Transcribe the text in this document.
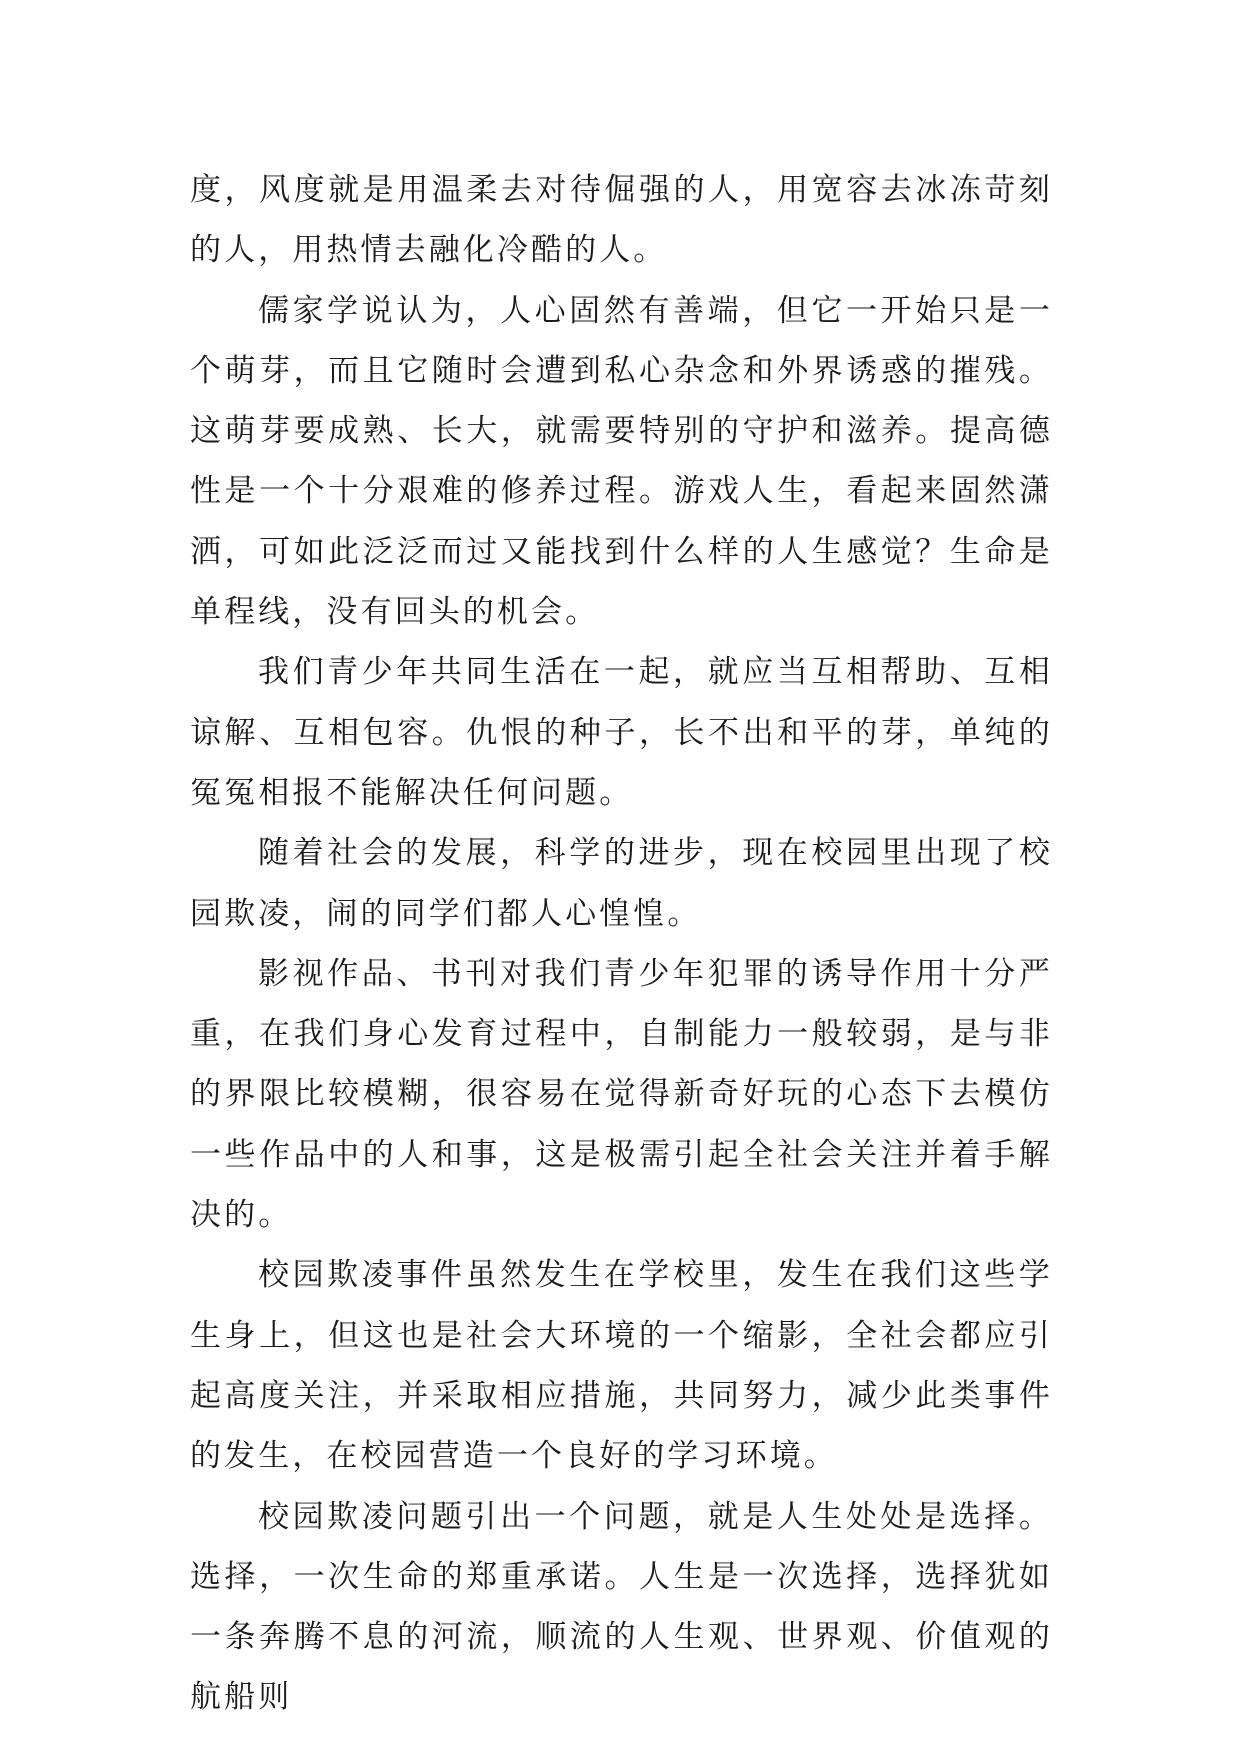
度，风度就是用温柔去对待倔强的人，用宽容去冰冻苛刻的人，用热情去融化冷酷的人。

儒家学说认为，人心固然有善端，但它一开始只是一个萌芽，而且它随时会遭到私心杂念和外界诱惑的摧残。这萌芽要成熟、长大，就需要特别的守护和滋养。提高德性是一个十分艰难的修养过程。游戏人生，看起来固然潇洒，可如此泛泛而过又能找到什么样的人生感觉？生命是单程线，没有回头的机会。

我们青少年共同生活在一起，就应当互相帮助、互相谅解、互相包容。仇恨的种子，长不出和平的芽，单纯的冤冤相报不能解决任何问题。

随着社会的发展，科学的进步，现在校园里出现了校园欺凌，闹的同学们都人心惶惶。

影视作品、书刊对我们青少年犯罪的诱导作用十分严重，在我们身心发育过程中，自制能力一般较弱，是与非的界限比较模糊，很容易在觉得新奇好玩的心态下去模仿一些作品中的人和事，这是极需引起全社会关注并着手解决的。

校园欺凌事件虽然发生在学校里，发生在我们这些学生身上，但这也是社会大环境的一个缩影，全社会都应引起高度关注，并采取相应措施，共同努力，减少此类事件的发生，在校园营造一个良好的学习环境。

校园欺凌问题引出一个问题，就是人生处处是选择。选择，一次生命的郑重承诺。人生是一次选择，选择犹如一条奔腾不息的河流，顺流的人生观、世界观、价值观的航船则
